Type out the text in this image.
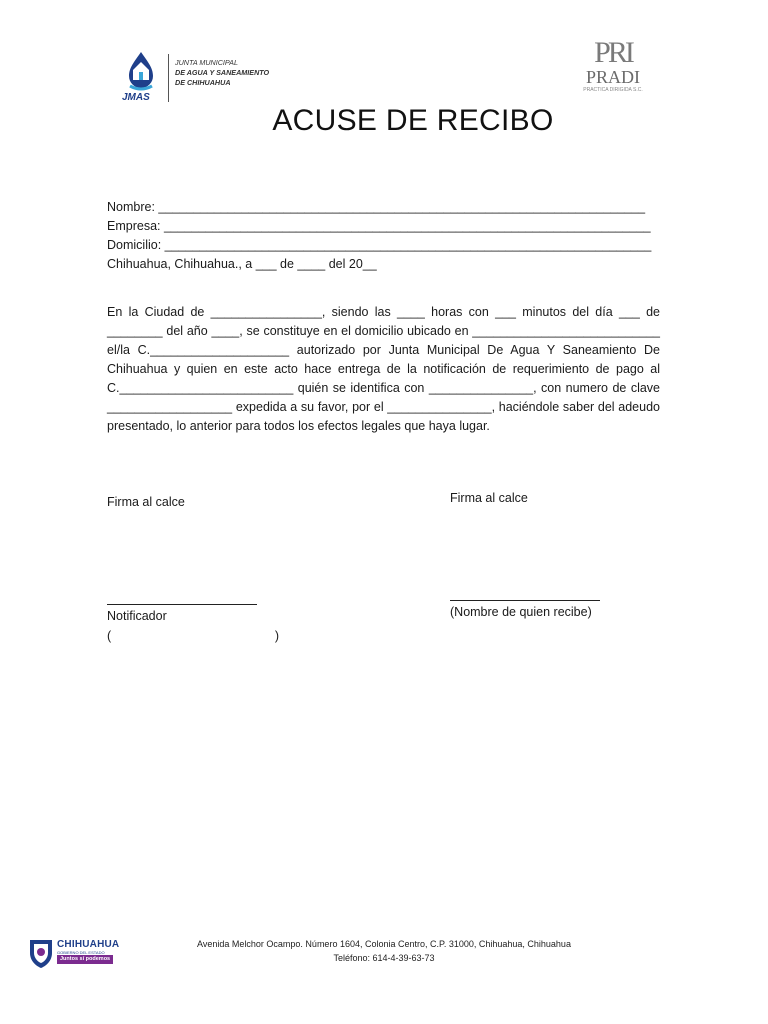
JMAS
JUNTA MUNICIPAL
DE AGUA Y SANEAMIENTO
DE CHIHUAHUA
PRI
PRADI
PRACTICA DIRIGIDA S.C.
ACUSE DE RECIBO
Nombre: ______________________________________________________________________
Empresa: ______________________________________________________________________
Domicilio: ______________________________________________________________________
Chihuahua, Chihuahua., a ___ de ____ del 20__
En la Ciudad de ________________, siendo las ____ horas con ___ minutos del día ___ de ________ del año ____, se constituye en el domicilio ubicado en ___________________________ el/la C.____________________ autorizado por Junta Municipal De Agua Y Saneamiento De Chihuahua y quien en este acto hace entrega de la notificación de requerimiento de pago al C._________________________ quién se identifica con _______________, con numero de clave __________________ expedida a su favor, por el _______________, haciéndole saber del adeudo presentado, lo anterior para todos los efectos legales que haya lugar.
Firma al calce	Firma al calce
Notificador
(	)
(Nombre de quien recibe)
CHIHUAHUA
GOBIERNO DEL ESTADO
Juntos sí podemos
Avenida Melchor Ocampo. Número 1604, Colonia Centro, C.P. 31000, Chihuahua, Chihuahua
Teléfono: 614-4-39-63-73
